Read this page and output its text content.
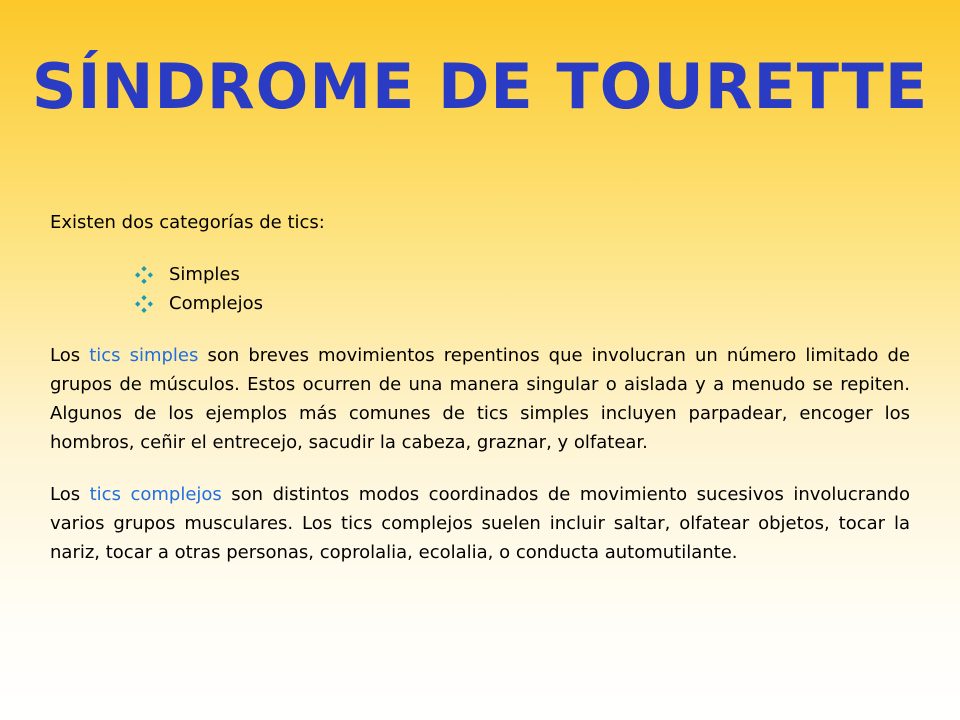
SÍNDROME DE TOURETTE

Existen dos categorías de tics:

Simples
Complejos

Los tics simples son breves movimientos repentinos que involucran un número limitado de grupos de músculos. Estos ocurren de una manera singular o aislada y a menudo se repiten. Algunos de los ejemplos más comunes de tics simples incluyen parpadear, encoger los hombros, ceñir el entrecejo, sacudir la cabeza, graznar, y olfatear.

Los tics complejos son distintos modos coordinados de movimiento sucesivos involucrando varios grupos musculares. Los tics complejos suelen incluir saltar, olfatear objetos, tocar la nariz, tocar a otras personas, coprolalia, ecolalia, o conducta automutilante.
